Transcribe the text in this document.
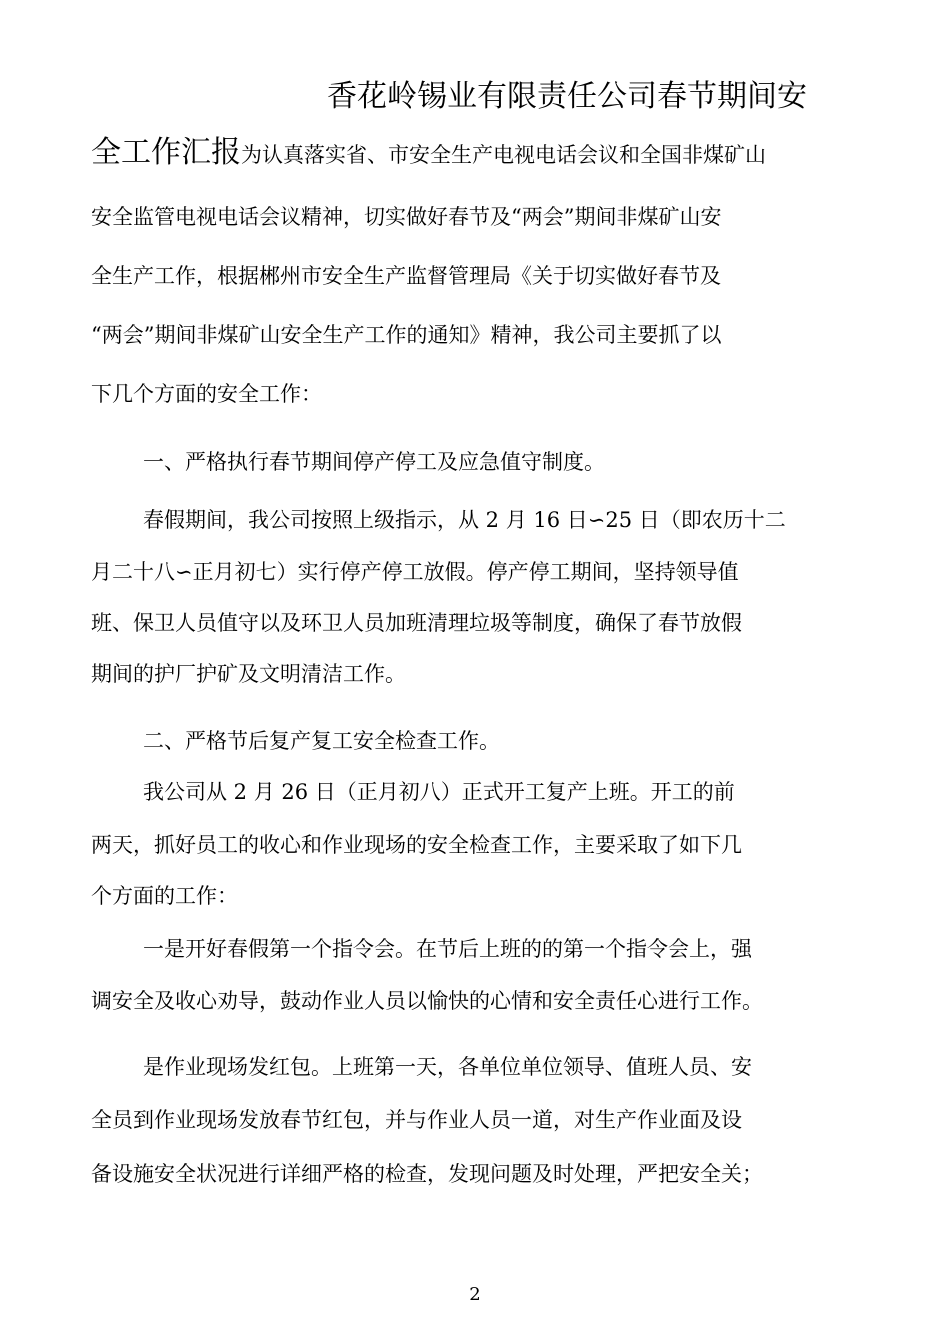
香花岭锡业有限责任公司春节期间安
全工作汇报为认真落实省、市安全生产电视电话会议和全国非煤矿山
安全监管电视电话会议精神，切实做好春节及“两会”期间非煤矿山安
全生产工作，根据郴州市安全生产监督管理局《关于切实做好春节及
“两会”期间非煤矿山安全生产工作的通知》精神，我公司主要抓了以
下几个方面的安全工作：
一、严格执行春节期间停产停工及应急值守制度。
春假期间，我公司按照上级指示，从 2 月 16 日∽25 日（即农历十二
月二十八∽正月初七）实行停产停工放假。停产停工期间，坚持领导值
班、保卫人员值守以及环卫人员加班清理垃圾等制度，确保了春节放假
期间的护厂护矿及文明清洁工作。
二、严格节后复产复工安全检查工作。
我公司从 2 月 26 日（正月初八）正式开工复产上班。开工的前
两天，抓好员工的收心和作业现场的安全检查工作，主要采取了如下几
个方面的工作：
一是开好春假第一个指令会。在节后上班的的第一个指令会上，强
调安全及收心劝导，鼓动作业人员以愉快的心情和安全责任心进行工作。
是作业现场发红包。上班第一天，各单位单位领导、值班人员、安
全员到作业现场发放春节红包，并与作业人员一道，对生产作业面及设
备设施安全状况进行详细严格的检查，发现问题及时处理，严把安全关；
2
